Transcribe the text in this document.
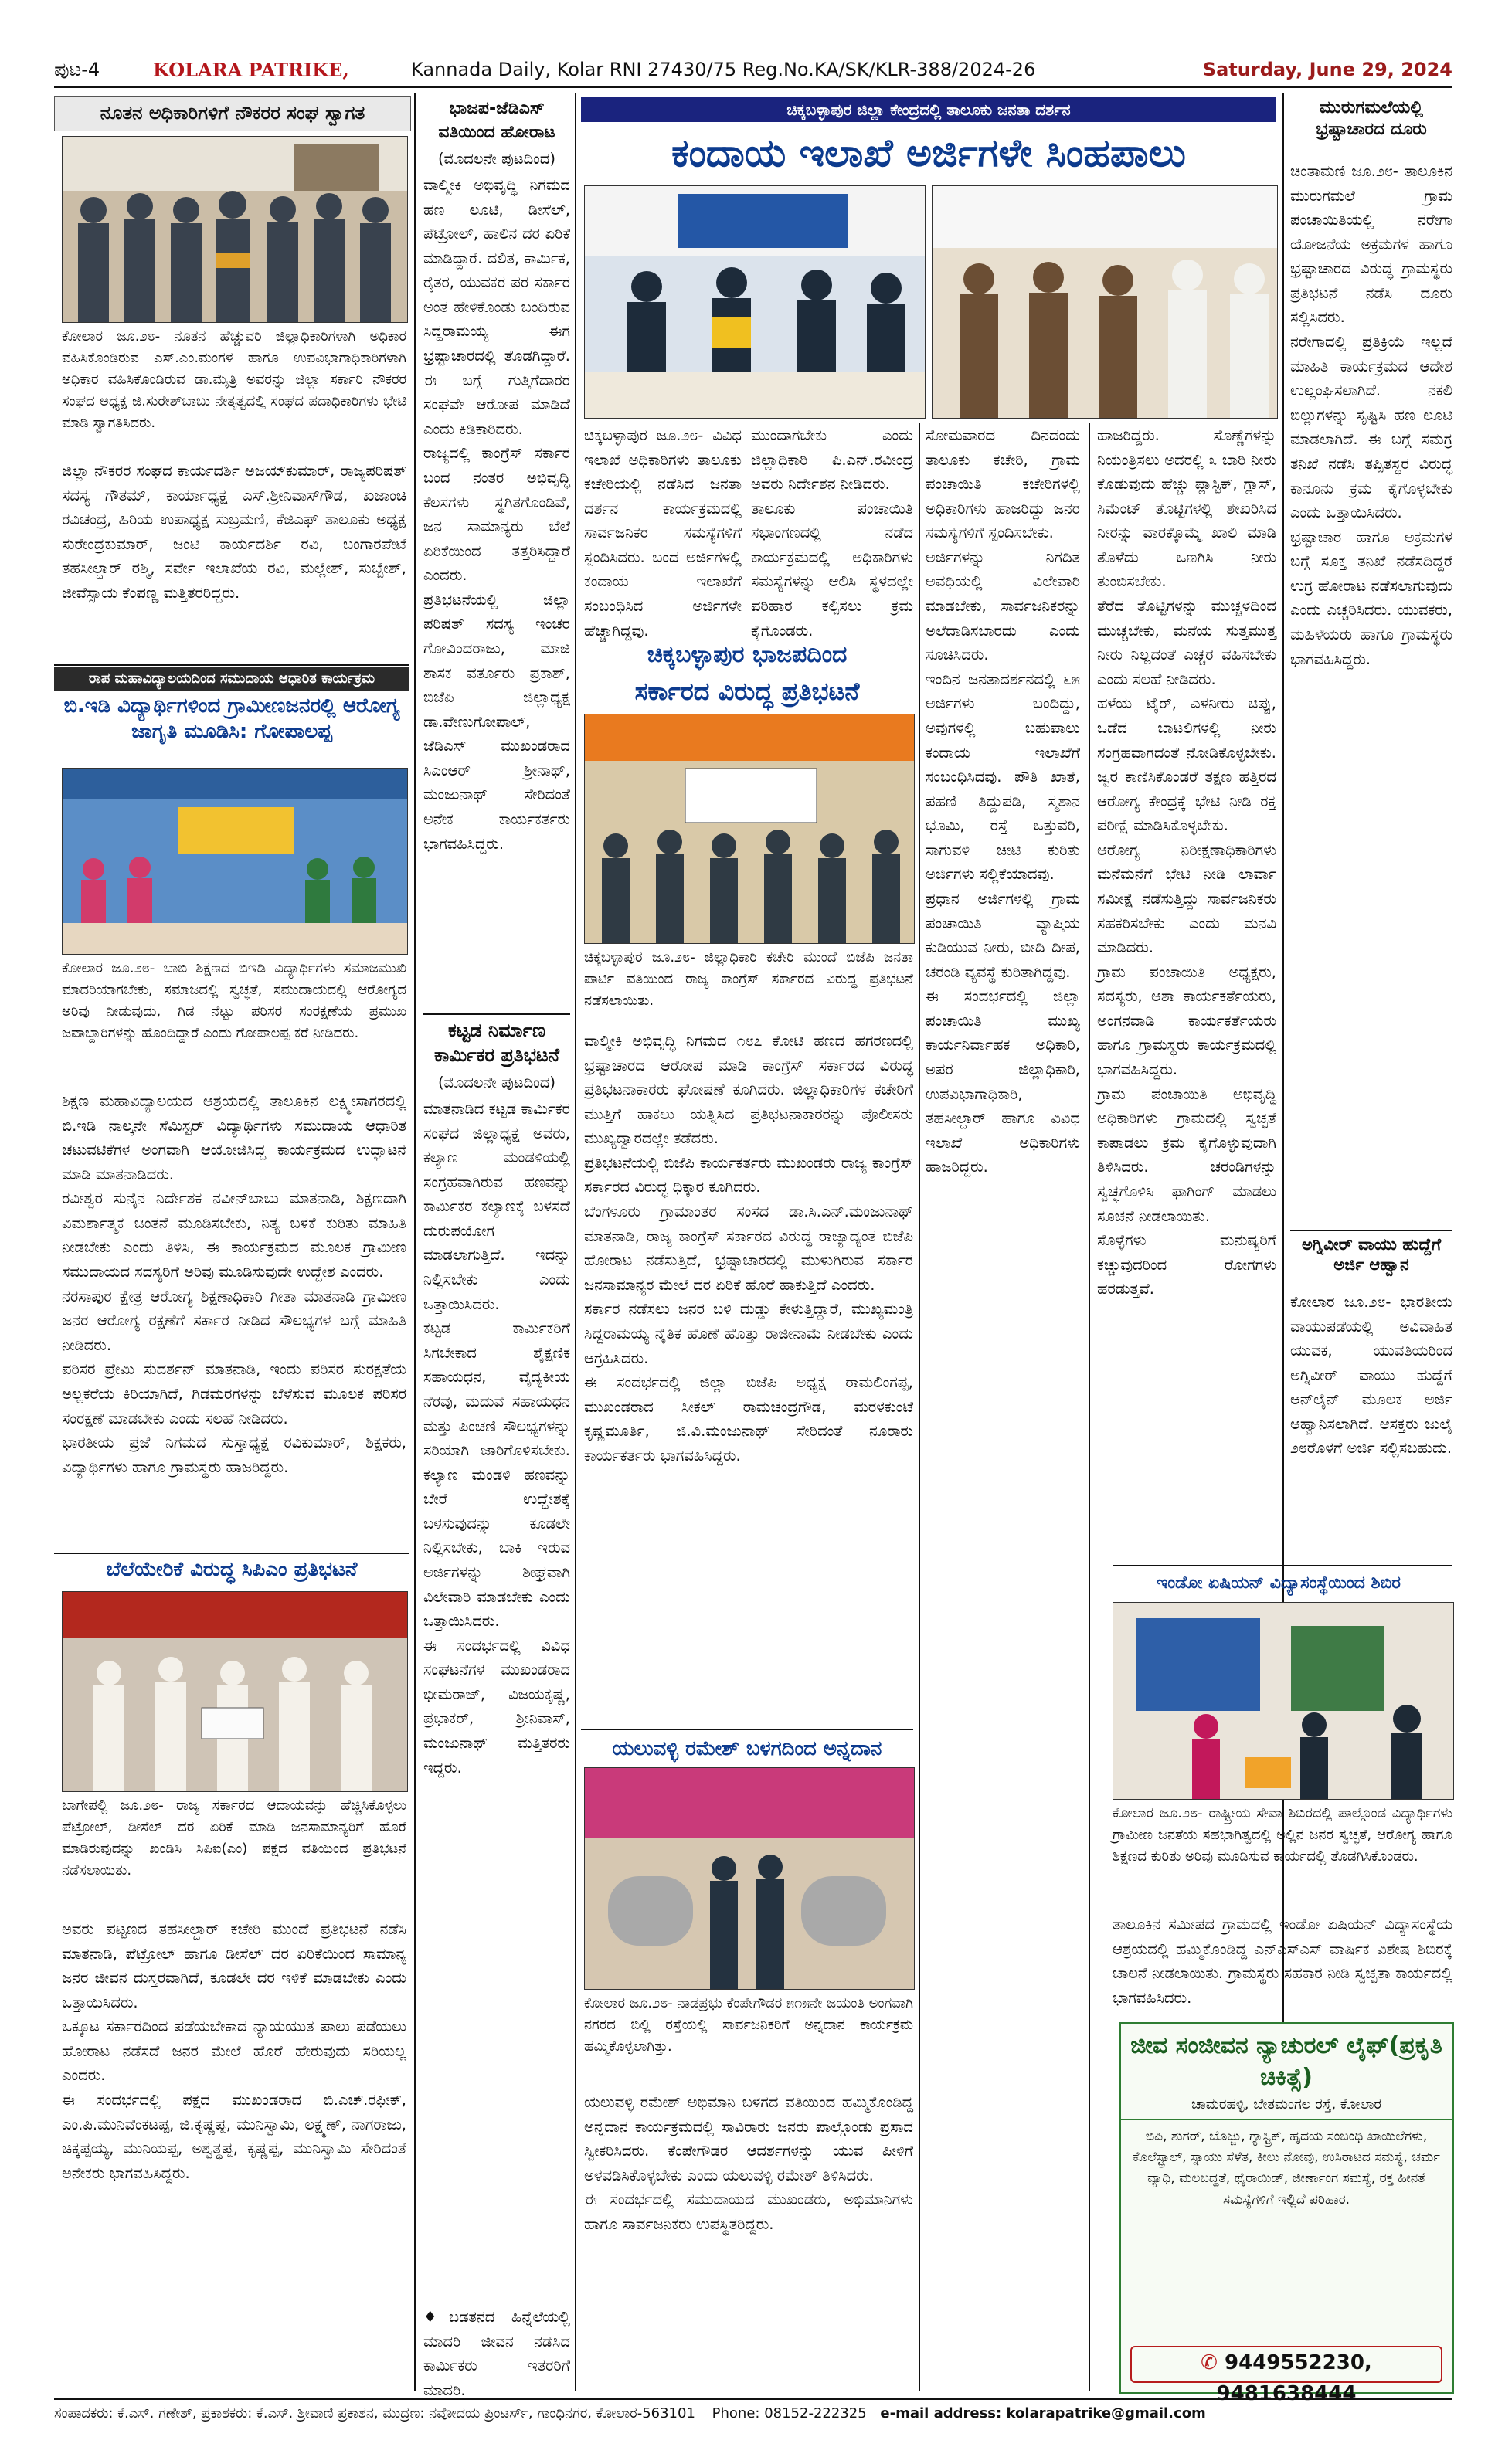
ಪುಟ-4	KOLARA PATRIKE,	Kannada Daily, Kolar RNI 27430/75 Reg.No.KA/SK/KLR-388/2024-26	Saturday, June 29, 2024
ನೂತನ ಅಧಿಕಾರಿಗಳಿಗೆ ನೌಕರರ ಸಂಘ ಸ್ವಾಗತ
ಕೋಲಾರ ಜೂ.೨೮- ನೂತನ ಹೆಚ್ಚುವರಿ ಜಿಲ್ಲಾಧಿಕಾರಿಗಳಾಗಿ ಅಧಿಕಾರ ವಹಿಸಿಕೊಂಡಿರುವ ಎಸ್.ಎಂ.ಮಂಗಳ ಹಾಗೂ ಉಪವಿಭಾಗಾಧಿಕಾರಿಗಳಾಗಿ ಅಧಿಕಾರ ವಹಿಸಿಕೊಂಡಿರುವ ಡಾ.ಮೈತ್ರಿ ಅವರನ್ನು ಜಿಲ್ಲಾ ಸರ್ಕಾರಿ ನೌಕರರ ಸಂಘದ ಅಧ್ಯಕ್ಷ ಜಿ.ಸುರೇಶ್‌ಬಾಬು ನೇತೃತ್ವದಲ್ಲಿ ಸಂಘದ ಪದಾಧಿಕಾರಿಗಳು ಭೇಟಿ ಮಾಡಿ ಸ್ವಾಗತಿಸಿದರು.
ಜಿಲ್ಲಾ ನೌಕರರ ಸಂಘದ ಕಾರ್ಯದರ್ಶಿ ಅಜಯ್‌ಕುಮಾರ್, ರಾಜ್ಯಪರಿಷತ್ ಸದಸ್ಯ ಗೌತಮ್, ಕಾರ್ಯಾಧ್ಯಕ್ಷ ಎಸ್.ಶ್ರೀನಿವಾಸ್‌ಗೌಡ, ಖಜಾಂಚಿ ರವಿಚಂದ್ರ, ಹಿರಿಯ ಉಪಾಧ್ಯಕ್ಷ ಸುಬ್ರಮಣಿ, ಕೆಜಿಎಫ್ ತಾಲೂಕು ಅಧ್ಯಕ್ಷ ಸುರೇಂದ್ರಕುಮಾರ್, ಜಂಟಿ ಕಾರ್ಯದರ್ಶಿ ರವಿ, ಬಂಗಾರಪೇಟೆ ತಹಸೀಲ್ದಾರ್ ರಶ್ಮಿ, ಸರ್ವೇ ಇಲಾಖೆಯ ರವಿ, ಮಲ್ಲೇಶ್, ಸುಬ್ಬೇಶ್, ಜೀವೆಸ್ಸಾಯ ಕೆಂಪಣ್ಣ ಮತ್ತಿತರರಿದ್ದರು.
ರಾಪ ಮಹಾವಿದ್ಯಾಲಯದಿಂದ ಸಮುದಾಯ ಆಧಾರಿತ ಕಾರ್ಯಕ್ರಮ
ಬಿ.ಇಡಿ ವಿದ್ಯಾರ್ಥಿಗಳಿಂದ ಗ್ರಾಮೀಣಜನರಲ್ಲಿ ಆರೋಗ್ಯ ಜಾಗೃತಿ ಮೂಡಿಸಿ: ಗೋಪಾಲಪ್ಪ
ಕೋಲಾರ ಜೂ.೨೮- ಬಾಬಿ ಶಿಕ್ಷಣದ ಬಿಇಡಿ ವಿದ್ಯಾರ್ಥಿಗಳು ಸಮಾಜಮುಖಿ ಮಾದರಿಯಾಗಬೇಕು, ಸಮಾಜದಲ್ಲಿ ಸ್ವಚ್ಛತೆ, ಸಮುದಾಯದಲ್ಲಿ ಆರೋಗ್ಯದ ಅರಿವು ನೀಡುವುದು, ಗಿಡ ನೆಟ್ಟು ಪರಿಸರ ಸಂರಕ್ಷಣೆಯ ಪ್ರಮುಖ ಜವಾಬ್ದಾರಿಗಳನ್ನು ಹೊಂದಿದ್ದಾರೆ ಎಂದು ಗೋಪಾಲಪ್ಪ ಕರೆ ನೀಡಿದರು.
ಶಿಕ್ಷಣ ಮಹಾವಿದ್ಯಾಲಯದ ಆಶ್ರಯದಲ್ಲಿ ತಾಲೂಕಿನ ಲಕ್ಷ್ಮೀಸಾಗರದಲ್ಲಿ ಬಿ.ಇಡಿ ನಾಲ್ಕನೇ ಸೆಮಿಸ್ಟರ್ ವಿದ್ಯಾರ್ಥಿಗಳು ಸಮುದಾಯ ಆಧಾರಿತ ಚಟುವಟಿಕೆಗಳ ಅಂಗವಾಗಿ ಆಯೋಜಿಸಿದ್ದ ಕಾರ್ಯಕ್ರಮದ ಉದ್ಘಾಟನೆ ಮಾಡಿ ಮಾತನಾಡಿದರು.
ರವೀಶ್ವರ ಸುನೈನ ನಿರ್ದೇಶಕ ನವೀನ್‌ಬಾಬು ಮಾತನಾಡಿ, ಶಿಕ್ಷಣದಾಗಿ ವಿಮರ್ಶಾತ್ಮಕ ಚಿಂತನೆ ಮೂಡಿಸಬೇಕು, ನಿತ್ಯ ಬಳಕೆ ಕುರಿತು ಮಾಹಿತಿ ನೀಡಬೇಕು ಎಂದು ತಿಳಿಸಿ, ಈ ಕಾರ್ಯಕ್ರಮದ ಮೂಲಕ ಗ್ರಾಮೀಣ ಸಮುದಾಯದ ಸದಸ್ಯರಿಗೆ ಅರಿವು ಮೂಡಿಸುವುದೇ ಉದ್ದೇಶ ಎಂದರು.
ನರಸಾಪುರ ಕ್ಷೇತ್ರ ಆರೋಗ್ಯ ಶಿಕ್ಷಣಾಧಿಕಾರಿ ಗೀತಾ ಮಾತನಾಡಿ ಗ್ರಾಮೀಣ ಜನರ ಆರೋಗ್ಯ ರಕ್ಷಣೆಗೆ ಸರ್ಕಾರ ನೀಡಿದ ಸೌಲಭ್ಯಗಳ ಬಗ್ಗೆ ಮಾಹಿತಿ ನೀಡಿದರು.
ಪರಿಸರ ಪ್ರೇಮಿ ಸುದರ್ಶನ್ ಮಾತನಾಡಿ, ಇಂದು ಪರಿಸರ ಸುರಕ್ಷತೆಯ ಅಲ್ಲಕರೆಯ ಕಿರಿಯಾಗಿದೆ, ಗಿಡಮರಗಳನ್ನು ಬೆಳೆಸುವ ಮೂಲಕ ಪರಿಸರ ಸಂರಕ್ಷಣೆ ಮಾಡಬೇಕು ಎಂದು ಸಲಹೆ ನೀಡಿದರು.
ಭಾರತೀಯ ಪ್ರಜೆ ನಿಗಮದ ಸುಸ್ತಾಧ್ಯಕ್ಷ ರವಿಕುಮಾರ್, ಶಿಕ್ಷಕರು, ವಿದ್ಯಾರ್ಥಿಗಳು ಹಾಗೂ ಗ್ರಾಮಸ್ಥರು ಹಾಜರಿದ್ದರು.
ಬೆಲೆಯೇರಿಕೆ ವಿರುದ್ಧ ಸಿಪಿಎಂ ಪ್ರತಿಭಟನೆ
ಬಾಗೇಪಲ್ಲಿ ಜೂ.೨೮- ರಾಜ್ಯ ಸರ್ಕಾರದ ಆದಾಯವನ್ನು ಹೆಚ್ಚಿಸಿಕೊಳ್ಳಲು ಪೆಟ್ರೋಲ್, ಡೀಸೆಲ್ ದರ ಏರಿಕೆ ಮಾಡಿ ಜನಸಾಮಾನ್ಯರಿಗೆ ಹೊರೆ ಮಾಡಿರುವುದನ್ನು ಖಂಡಿಸಿ ಸಿಪಿಐ(ಎಂ) ಪಕ್ಷದ ವತಿಯಿಂದ ಪ್ರತಿಭಟನೆ ನಡೆಸಲಾಯಿತು.
ಅವರು ಪಟ್ಟಣದ ತಹಸೀಲ್ದಾರ್ ಕಚೇರಿ ಮುಂದೆ ಪ್ರತಿಭಟನೆ ನಡೆಸಿ ಮಾತನಾಡಿ, ಪೆಟ್ರೋಲ್ ಹಾಗೂ ಡೀಸೆಲ್ ದರ ಏರಿಕೆಯಿಂದ ಸಾಮಾನ್ಯ ಜನರ ಜೀವನ ದುಸ್ತರವಾಗಿದೆ, ಕೂಡಲೇ ದರ ಇಳಿಕೆ ಮಾಡಬೇಕು ಎಂದು ಒತ್ತಾಯಿಸಿದರು.
ಒಕ್ಕೂಟ ಸರ್ಕಾರದಿಂದ ಪಡೆಯಬೇಕಾದ ನ್ಯಾಯಯುತ ಪಾಲು ಪಡೆಯಲು ಹೋರಾಟ ನಡೆಸದೆ ಜನರ ಮೇಲೆ ಹೊರೆ ಹೇರುವುದು ಸರಿಯಲ್ಲ ಎಂದರು.
ಈ ಸಂದರ್ಭದಲ್ಲಿ ಪಕ್ಷದ ಮುಖಂಡರಾದ ಬಿ.ಎಚ್.ರಫೀಕ್, ಎಂ.ಪಿ.ಮುನಿವೆಂಕಟಪ್ಪ, ಜಿ.ಕೃಷ್ಣಪ್ಪ, ಮುನಿಸ್ವಾಮಿ, ಲಕ್ಷ್ಮಣ್, ನಾಗರಾಜು, ಚಿಕ್ಕಪ್ಪಯ್ಯ, ಮುನಿಯಪ್ಪ, ಅಶ್ವತ್ಥಪ್ಪ, ಕೃಷ್ಣಪ್ಪ, ಮುನಿಸ್ವಾಮಿ ಸೇರಿದಂತೆ ಅನೇಕರು ಭಾಗವಹಿಸಿದ್ದರು.
ಭಾಜಪ-ಜೆಡಿಎಸ್ ವತಿಯಿಂದ ಹೋರಾಟ
(ಮೊದಲನೇ ಪುಟದಿಂದ)
ವಾಲ್ಮೀಕಿ ಅಭಿವೃದ್ಧಿ ನಿಗಮದ ಹಣ ಲೂಟಿ, ಡೀಸೆಲ್, ಪೆಟ್ರೋಲ್, ಹಾಲಿನ ದರ ಏರಿಕೆ ಮಾಡಿದ್ದಾರೆ. ದಲಿತ, ಕಾರ್ಮಿಕ, ರೈತರ, ಯುವಕರ ಪರ ಸರ್ಕಾರ ಅಂತ ಹೇಳಿಕೊಂಡು ಬಂದಿರುವ ಸಿದ್ದರಾಮಯ್ಯ ಈಗ ಭ್ರಷ್ಟಾಚಾರದಲ್ಲಿ ತೊಡಗಿದ್ದಾರೆ. ಈ ಬಗ್ಗೆ ಗುತ್ತಿಗೆದಾರರ ಸಂಘವೇ ಆರೋಪ ಮಾಡಿದೆ ಎಂದು ಕಿಡಿಕಾರಿದರು.
ರಾಜ್ಯದಲ್ಲಿ ಕಾಂಗ್ರೆಸ್ ಸರ್ಕಾರ ಬಂದ ನಂತರ ಅಭಿವೃದ್ಧಿ ಕೆಲಸಗಳು ಸ್ಥಗಿತಗೊಂಡಿವೆ, ಜನ ಸಾಮಾನ್ಯರು ಬೆಲೆ ಏರಿಕೆಯಿಂದ ತತ್ತರಿಸಿದ್ದಾರೆ ಎಂದರು.
ಪ್ರತಿಭಟನೆಯಲ್ಲಿ ಜಿಲ್ಲಾ ಪರಿಷತ್ ಸದಸ್ಯ ಇಂಚರ ಗೋವಿಂದರಾಜು, ಮಾಜಿ ಶಾಸಕ ವರ್ತೂರು ಪ್ರಕಾಶ್, ಬಿಜೆಪಿ ಜಿಲ್ಲಾಧ್ಯಕ್ಷ ಡಾ.ವೇಣುಗೋಪಾಲ್, ಜೆಡಿಎಸ್ ಮುಖಂಡರಾದ ಸಿಎಂಆರ್ ಶ್ರೀನಾಥ್, ಮಂಜುನಾಥ್ ಸೇರಿದಂತೆ ಅನೇಕ ಕಾರ್ಯಕರ್ತರು ಭಾಗವಹಿಸಿದ್ದರು.
ಕಟ್ಟಡ ನಿರ್ಮಾಣ ಕಾರ್ಮಿಕರ ಪ್ರತಿಭಟನೆ
(ಮೊದಲನೇ ಪುಟದಿಂದ)
ಮಾತನಾಡಿದ ಕಟ್ಟಡ ಕಾರ್ಮಿಕರ ಸಂಘದ ಜಿಲ್ಲಾಧ್ಯಕ್ಷ ಅವರು, ಕಲ್ಯಾಣ ಮಂಡಳಿಯಲ್ಲಿ ಸಂಗ್ರಹವಾಗಿರುವ ಹಣವನ್ನು ಕಾರ್ಮಿಕರ ಕಲ್ಯಾಣಕ್ಕೆ ಬಳಸದೆ ದುರುಪಯೋಗ ಮಾಡಲಾಗುತ್ತಿದೆ. ಇದನ್ನು ನಿಲ್ಲಿಸಬೇಕು ಎಂದು ಒತ್ತಾಯಿಸಿದರು.
ಕಟ್ಟಡ ಕಾರ್ಮಿಕರಿಗೆ ಸಿಗಬೇಕಾದ ಶೈಕ್ಷಣಿಕ ಸಹಾಯಧನ, ವೈದ್ಯಕೀಯ ನೆರವು, ಮದುವೆ ಸಹಾಯಧನ ಮತ್ತು ಪಿಂಚಣಿ ಸೌಲಭ್ಯಗಳನ್ನು ಸರಿಯಾಗಿ ಜಾರಿಗೊಳಿಸಬೇಕು. ಕಲ್ಯಾಣ ಮಂಡಳಿ ಹಣವನ್ನು ಬೇರೆ ಉದ್ದೇಶಕ್ಕೆ ಬಳಸುವುದನ್ನು ಕೂಡಲೇ ನಿಲ್ಲಿಸಬೇಕು, ಬಾಕಿ ಇರುವ ಅರ್ಜಿಗಳನ್ನು ಶೀಘ್ರವಾಗಿ ವಿಲೇವಾರಿ ಮಾಡಬೇಕು ಎಂದು ಒತ್ತಾಯಿಸಿದರು.
ಈ ಸಂದರ್ಭದಲ್ಲಿ ವಿವಿಧ ಸಂಘಟನೆಗಳ ಮುಖಂಡರಾದ ಭೀಮರಾಜ್, ವಿಜಯಕೃಷ್ಣ, ಪ್ರಭಾಕರ್, ಶ್ರೀನಿವಾಸ್, ಮಂಜುನಾಥ್ ಮತ್ತಿತರರು ಇದ್ದರು.
♦ಬಡತನದ ಹಿನ್ನೆಲೆಯಲ್ಲಿ ಮಾದರಿ ಜೀವನ ನಡೆಸಿದ ಕಾರ್ಮಿಕರು ಇತರರಿಗೆ ಮಾದರಿ.
ಚಿಕ್ಕಬಳ್ಳಾಪುರ ಜಿಲ್ಲಾ ಕೇಂದ್ರದಲ್ಲಿ ತಾಲೂಕು ಜನತಾ ದರ್ಶನ
ಕಂದಾಯ ಇಲಾಖೆ ಅರ್ಜಿಗಳೇ ಸಿಂಹಪಾಲು
ಚಿಕ್ಕಬಳ್ಳಾಪುರ ಜೂ.೨೮- ವಿವಿಧ ಇಲಾಖೆ ಅಧಿಕಾರಿಗಳು ತಾಲೂಕು ಕಚೇರಿಯಲ್ಲಿ ನಡೆಸಿದ ಜನತಾ ದರ್ಶನ ಕಾರ್ಯಕ್ರಮದಲ್ಲಿ ಸಾರ್ವಜನಿಕರ ಸಮಸ್ಯೆಗಳಿಗೆ ಸ್ಪಂದಿಸಿದರು. ಬಂದ ಅರ್ಜಿಗಳಲ್ಲಿ ಕಂದಾಯ ಇಲಾಖೆಗೆ ಸಂಬಂಧಿಸಿದ ಅರ್ಜಿಗಳೇ ಹೆಚ್ಚಾಗಿದ್ದವು.
ಮುಂದಾಗಬೇಕು ಎಂದು ಜಿಲ್ಲಾಧಿಕಾರಿ ಪಿ.ಎನ್.ರವೀಂದ್ರ ಅವರು ನಿರ್ದೇಶನ ನೀಡಿದರು.
ತಾಲೂಕು ಪಂಚಾಯಿತಿ ಸಭಾಂಗಣದಲ್ಲಿ ನಡೆದ ಕಾರ್ಯಕ್ರಮದಲ್ಲಿ ಅಧಿಕಾರಿಗಳು ಸಮಸ್ಯೆಗಳನ್ನು ಆಲಿಸಿ ಸ್ಥಳದಲ್ಲೇ ಪರಿಹಾರ ಕಲ್ಪಿಸಲು ಕ್ರಮ ಕೈಗೊಂಡರು.
ಚಿಕ್ಕಬಳ್ಳಾಪುರ ಭಾಜಪದಿಂದ
ಸರ್ಕಾರದ ವಿರುದ್ಧ ಪ್ರತಿಭಟನೆ
ಚಿಕ್ಕಬಳ್ಳಾಪುರ ಜೂ.೨೮- ಜಿಲ್ಲಾಧಿಕಾರಿ ಕಚೇರಿ ಮುಂದೆ ಬಿಜೆಪಿ ಜನತಾ ಪಾರ್ಟಿ ವತಿಯಿಂದ ರಾಜ್ಯ ಕಾಂಗ್ರೆಸ್ ಸರ್ಕಾರದ ವಿರುದ್ಧ ಪ್ರತಿಭಟನೆ ನಡೆಸಲಾಯಿತು.
ವಾಲ್ಮೀಕಿ ಅಭಿವೃದ್ಧಿ ನಿಗಮದ ೧೮೭ ಕೋಟಿ ಹಣದ ಹಗರಣದಲ್ಲಿ ಭ್ರಷ್ಟಾಚಾರದ ಆರೋಪ ಮಾಡಿ ಕಾಂಗ್ರೆಸ್ ಸರ್ಕಾರದ ವಿರುದ್ಧ ಪ್ರತಿಭಟನಾಕಾರರು ಘೋಷಣೆ ಕೂಗಿದರು. ಜಿಲ್ಲಾಧಿಕಾರಿಗಳ ಕಚೇರಿಗೆ ಮುತ್ತಿಗೆ ಹಾಕಲು ಯತ್ನಿಸಿದ ಪ್ರತಿಭಟನಾಕಾರರನ್ನು ಪೊಲೀಸರು ಮುಖ್ಯದ್ವಾರದಲ್ಲೇ ತಡೆದರು.
ಪ್ರತಿಭಟನೆಯಲ್ಲಿ ಬಿಜೆಪಿ ಕಾರ್ಯಕರ್ತರು ಮುಖಂಡರು ರಾಜ್ಯ ಕಾಂಗ್ರೆಸ್ ಸರ್ಕಾರದ ವಿರುದ್ಧ ಧಿಕ್ಕಾರ ಕೂಗಿದರು.
ಬೆಂಗಳೂರು ಗ್ರಾಮಾಂತರ ಸಂಸದ ಡಾ.ಸಿ.ಎನ್.ಮಂಜುನಾಥ್ ಮಾತನಾಡಿ, ರಾಜ್ಯ ಕಾಂಗ್ರೆಸ್ ಸರ್ಕಾರದ ವಿರುದ್ಧ ರಾಜ್ಯಾದ್ಯಂತ ಬಿಜೆಪಿ ಹೋರಾಟ ನಡೆಸುತ್ತಿದೆ, ಭ್ರಷ್ಟಾಚಾರದಲ್ಲಿ ಮುಳುಗಿರುವ ಸರ್ಕಾರ ಜನಸಾಮಾನ್ಯರ ಮೇಲೆ ದರ ಏರಿಕೆ ಹೊರೆ ಹಾಕುತ್ತಿದೆ ಎಂದರು.
ಸರ್ಕಾರ ನಡೆಸಲು ಜನರ ಬಳಿ ದುಡ್ಡು ಕೇಳುತ್ತಿದ್ದಾರೆ, ಮುಖ್ಯಮಂತ್ರಿ ಸಿದ್ದರಾಮಯ್ಯ ನೈತಿಕ ಹೊಣೆ ಹೊತ್ತು ರಾಜೀನಾಮೆ ನೀಡಬೇಕು ಎಂದು ಆಗ್ರಹಿಸಿದರು.
ಈ ಸಂದರ್ಭದಲ್ಲಿ ಜಿಲ್ಲಾ ಬಿಜೆಪಿ ಅಧ್ಯಕ್ಷ ರಾಮಲಿಂಗಪ್ಪ, ಮುಖಂಡರಾದ ಸೀಕಲ್ ರಾಮಚಂದ್ರಗೌಡ, ಮರಳಕುಂಟೆ ಕೃಷ್ಣಮೂರ್ತಿ, ಜಿ.ವಿ.ಮಂಜುನಾಥ್ ಸೇರಿದಂತೆ ನೂರಾರು ಕಾರ್ಯಕರ್ತರು ಭಾಗವಹಿಸಿದ್ದರು.
ಯಲುವಳ್ಳಿ ರಮೇಶ್ ಬಳಗದಿಂದ ಅನ್ನದಾನ
ಕೋಲಾರ ಜೂ.೨೮- ನಾಡಪ್ರಭು ಕೆಂಪೇಗೌಡರ ೫೧೫ನೇ ಜಯಂತಿ ಅಂಗವಾಗಿ ನಗರದ ಬಿಲ್ಲಿ ರಸ್ತೆಯಲ್ಲಿ ಸಾರ್ವಜನಿಕರಿಗೆ ಅನ್ನದಾನ ಕಾರ್ಯಕ್ರಮ ಹಮ್ಮಿಕೊಳ್ಳಲಾಗಿತ್ತು.
ಯಲುವಳ್ಳಿ ರಮೇಶ್ ಅಭಿಮಾನಿ ಬಳಗದ ವತಿಯಿಂದ ಹಮ್ಮಿಕೊಂಡಿದ್ದ ಅನ್ನದಾನ ಕಾರ್ಯಕ್ರಮದಲ್ಲಿ ಸಾವಿರಾರು ಜನರು ಪಾಲ್ಗೊಂಡು ಪ್ರಸಾದ ಸ್ವೀಕರಿಸಿದರು. ಕೆಂಪೇಗೌಡರ ಆದರ್ಶಗಳನ್ನು ಯುವ ಪೀಳಿಗೆ ಅಳವಡಿಸಿಕೊಳ್ಳಬೇಕು ಎಂದು ಯಲುವಳ್ಳಿ ರಮೇಶ್ ತಿಳಿಸಿದರು.
ಈ ಸಂದರ್ಭದಲ್ಲಿ ಸಮುದಾಯದ ಮುಖಂಡರು, ಅಭಿಮಾನಿಗಳು ಹಾಗೂ ಸಾರ್ವಜನಿಕರು ಉಪಸ್ಥಿತರಿದ್ದರು.
ಸೋಮವಾರದ ದಿನದಂದು ತಾಲೂಕು ಕಚೇರಿ, ಗ್ರಾಮ ಪಂಚಾಯಿತಿ ಕಚೇರಿಗಳಲ್ಲಿ ಅಧಿಕಾರಿಗಳು ಹಾಜರಿದ್ದು ಜನರ ಸಮಸ್ಯೆಗಳಿಗೆ ಸ್ಪಂದಿಸಬೇಕು.
ಅರ್ಜಿಗಳನ್ನು ನಿಗದಿತ ಅವಧಿಯಲ್ಲಿ ವಿಲೇವಾರಿ ಮಾಡಬೇಕು, ಸಾರ್ವಜನಿಕರನ್ನು ಅಲೆದಾಡಿಸಬಾರದು ಎಂದು ಸೂಚಿಸಿದರು.
ಇಂದಿನ ಜನತಾದರ್ಶನದಲ್ಲಿ ೬೫ ಅರ್ಜಿಗಳು ಬಂದಿದ್ದು, ಅವುಗಳಲ್ಲಿ ಬಹುಪಾಲು ಕಂದಾಯ ಇಲಾಖೆಗೆ ಸಂಬಂಧಿಸಿದವು. ಪೌತಿ ಖಾತೆ, ಪಹಣಿ ತಿದ್ದುಪಡಿ, ಸ್ಮಶಾನ ಭೂಮಿ, ರಸ್ತೆ ಒತ್ತುವರಿ, ಸಾಗುವಳಿ ಚೀಟಿ ಕುರಿತು ಅರ್ಜಿಗಳು ಸಲ್ಲಿಕೆಯಾದವು.
ಪ್ರಧಾನ ಅರ್ಜಿಗಳಲ್ಲಿ ಗ್ರಾಮ ಪಂಚಾಯಿತಿ ವ್ಯಾಪ್ತಿಯ ಕುಡಿಯುವ ನೀರು, ಬೀದಿ ದೀಪ, ಚರಂಡಿ ವ್ಯವಸ್ಥೆ ಕುರಿತಾಗಿದ್ದವು.
ಈ ಸಂದರ್ಭದಲ್ಲಿ ಜಿಲ್ಲಾ ಪಂಚಾಯಿತಿ ಮುಖ್ಯ ಕಾರ್ಯನಿರ್ವಾಹಕ ಅಧಿಕಾರಿ, ಅಪರ ಜಿಲ್ಲಾಧಿಕಾರಿ, ಉಪವಿಭಾಗಾಧಿಕಾರಿ, ತಹಸೀಲ್ದಾರ್ ಹಾಗೂ ವಿವಿಧ ಇಲಾಖೆ ಅಧಿಕಾರಿಗಳು ಹಾಜರಿದ್ದರು.
ಹಾಜರಿದ್ದರು. ಸೊಣ್ಣೆಗಳನ್ನು ನಿಯಂತ್ರಿಸಲು ಅದರಲ್ಲಿ ೩ ಬಾರಿ ನೀರು ಕೊಡುವುದು ಹೆಚ್ಚು ಪ್ಲಾಸ್ಟಿಕ್, ಗ್ಲಾಸ್, ಸಿಮೆಂಟ್ ತೊಟ್ಟಿಗಳಲ್ಲಿ ಶೇಖರಿಸಿದ ನೀರನ್ನು ವಾರಕ್ಕೊಮ್ಮೆ ಖಾಲಿ ಮಾಡಿ ತೊಳೆದು ಒಣಗಿಸಿ ನೀರು ತುಂಬಿಸಬೇಕು.
ತೆರೆದ ತೊಟ್ಟಿಗಳನ್ನು ಮುಚ್ಚಳದಿಂದ ಮುಚ್ಚಬೇಕು, ಮನೆಯ ಸುತ್ತಮುತ್ತ ನೀರು ನಿಲ್ಲದಂತೆ ಎಚ್ಚರ ವಹಿಸಬೇಕು ಎಂದು ಸಲಹೆ ನೀಡಿದರು.
ಹಳೆಯ ಟೈರ್, ಎಳನೀರು ಚಿಪ್ಪು, ಒಡೆದ ಬಾಟಲಿಗಳಲ್ಲಿ ನೀರು ಸಂಗ್ರಹವಾಗದಂತೆ ನೋಡಿಕೊಳ್ಳಬೇಕು. ಜ್ವರ ಕಾಣಿಸಿಕೊಂಡರೆ ತಕ್ಷಣ ಹತ್ತಿರದ ಆರೋಗ್ಯ ಕೇಂದ್ರಕ್ಕೆ ಭೇಟಿ ನೀಡಿ ರಕ್ತ ಪರೀಕ್ಷೆ ಮಾಡಿಸಿಕೊಳ್ಳಬೇಕು.
ಆರೋಗ್ಯ ನಿರೀಕ್ಷಣಾಧಿಕಾರಿಗಳು ಮನೆಮನೆಗೆ ಭೇಟಿ ನೀಡಿ ಲಾರ್ವಾ ಸಮೀಕ್ಷೆ ನಡೆಸುತ್ತಿದ್ದು ಸಾರ್ವಜನಿಕರು ಸಹಕರಿಸಬೇಕು ಎಂದು ಮನವಿ ಮಾಡಿದರು.
ಗ್ರಾಮ ಪಂಚಾಯಿತಿ ಅಧ್ಯಕ್ಷರು, ಸದಸ್ಯರು, ಆಶಾ ಕಾರ್ಯಕರ್ತೆಯರು, ಅಂಗನವಾಡಿ ಕಾರ್ಯಕರ್ತೆಯರು ಹಾಗೂ ಗ್ರಾಮಸ್ಥರು ಕಾರ್ಯಕ್ರಮದಲ್ಲಿ ಭಾಗವಹಿಸಿದ್ದರು.
ಗ್ರಾಮ ಪಂಚಾಯಿತಿ ಅಭಿವೃದ್ಧಿ ಅಧಿಕಾರಿಗಳು ಗ್ರಾಮದಲ್ಲಿ ಸ್ವಚ್ಛತೆ ಕಾಪಾಡಲು ಕ್ರಮ ಕೈಗೊಳ್ಳುವುದಾಗಿ ತಿಳಿಸಿದರು. ಚರಂಡಿಗಳನ್ನು ಸ್ವಚ್ಛಗೊಳಿಸಿ ಫಾಗಿಂಗ್ ಮಾಡಲು ಸೂಚನೆ ನೀಡಲಾಯಿತು.
ಸೊಳ್ಳೆಗಳು ಮನುಷ್ಯರಿಗೆ ಕಚ್ಚುವುದರಿಂದ ರೋಗಗಳು ಹರಡುತ್ತವೆ.
ಮುರುಗಮಲೆಯಲ್ಲಿ ಭ್ರಷ್ಟಾಚಾರದ ದೂರು
ಚಿಂತಾಮಣಿ ಜೂ.೨೮- ತಾಲೂಕಿನ ಮುರುಗಮಲೆ ಗ್ರಾಮ ಪಂಚಾಯಿತಿಯಲ್ಲಿ ನರೇಗಾ ಯೋಜನೆಯ ಅಕ್ರಮಗಳ ಹಾಗೂ ಭ್ರಷ್ಟಾಚಾರದ ವಿರುದ್ಧ ಗ್ರಾಮಸ್ಥರು ಪ್ರತಿಭಟನೆ ನಡೆಸಿ ದೂರು ಸಲ್ಲಿಸಿದರು.
ನರೇಗಾದಲ್ಲಿ ಪ್ರತಿಕ್ರಿಯೆ ಇಲ್ಲದೆ ಮಾಹಿತಿ ಕಾರ್ಯಕ್ರಮದ ಆದೇಶ ಉಲ್ಲಂಘಿಸಲಾಗಿದೆ. ನಕಲಿ ಬಿಲ್ಲುಗಳನ್ನು ಸೃಷ್ಟಿಸಿ ಹಣ ಲೂಟಿ ಮಾಡಲಾಗಿದೆ. ಈ ಬಗ್ಗೆ ಸಮಗ್ರ ತನಿಖೆ ನಡೆಸಿ ತಪ್ಪಿತಸ್ಥರ ವಿರುದ್ಧ ಕಾನೂನು ಕ್ರಮ ಕೈಗೊಳ್ಳಬೇಕು ಎಂದು ಒತ್ತಾಯಿಸಿದರು.
ಭ್ರಷ್ಟಾಚಾರ ಹಾಗೂ ಅಕ್ರಮಗಳ ಬಗ್ಗೆ ಸೂಕ್ತ ತನಿಖೆ ನಡೆಸದಿದ್ದರೆ ಉಗ್ರ ಹೋರಾಟ ನಡೆಸಲಾಗುವುದು ಎಂದು ಎಚ್ಚರಿಸಿದರು. ಯುವಕರು, ಮಹಿಳೆಯರು ಹಾಗೂ ಗ್ರಾಮಸ್ಥರು ಭಾಗವಹಿಸಿದ್ದರು.
ಅಗ್ನಿವೀರ್ ವಾಯು ಹುದ್ದೆಗೆ ಅರ್ಜಿ ಆಹ್ವಾನ
ಕೋಲಾರ ಜೂ.೨೮- ಭಾರತೀಯ ವಾಯುಪಡೆಯಲ್ಲಿ ಅವಿವಾಹಿತ ಯುವಕ, ಯುವತಿಯರಿಂದ ಅಗ್ನಿವೀರ್ ವಾಯು ಹುದ್ದೆಗೆ ಆನ್‌ಲೈನ್ ಮೂಲಕ ಅರ್ಜಿ ಆಹ್ವಾನಿಸಲಾಗಿದೆ. ಆಸಕ್ತರು ಜುಲೈ ೨೮ರೊಳಗೆ ಅರ್ಜಿ ಸಲ್ಲಿಸಬಹುದು.
ಇಂಡೋ ಏಷಿಯನ್ ವಿದ್ಯಾಸಂಸ್ಥೆಯಿಂದ ಶಿಬಿರ
ಕೋಲಾರ ಜೂ.೨೮- ರಾಷ್ಟ್ರೀಯ ಸೇವಾ ಶಿಬಿರದಲ್ಲಿ ಪಾಲ್ಗೊಂಡ ವಿದ್ಯಾರ್ಥಿಗಳು ಗ್ರಾಮೀಣ ಜನತೆಯ ಸಹಭಾಗಿತ್ವದಲ್ಲಿ ಅಲ್ಲಿನ ಜನರ ಸ್ವಚ್ಛತೆ, ಆರೋಗ್ಯ ಹಾಗೂ ಶಿಕ್ಷಣದ ಕುರಿತು ಅರಿವು ಮೂಡಿಸುವ ಕಾರ್ಯದಲ್ಲಿ ತೊಡಗಿಸಿಕೊಂಡರು.
ತಾಲೂಕಿನ ಸಮೀಪದ ಗ್ರಾಮದಲ್ಲಿ ಇಂಡೋ ಏಷಿಯನ್ ವಿದ್ಯಾಸಂಸ್ಥೆಯ ಆಶ್ರಯದಲ್ಲಿ ಹಮ್ಮಿಕೊಂಡಿದ್ದ ಎನ್‌ಎಸ್‌ಎಸ್ ವಾರ್ಷಿಕ ವಿಶೇಷ ಶಿಬಿರಕ್ಕೆ ಚಾಲನೆ ನೀಡಲಾಯಿತು. ಗ್ರಾಮಸ್ಥರು ಸಹಕಾರ ನೀಡಿ ಸ್ವಚ್ಛತಾ ಕಾರ್ಯದಲ್ಲಿ ಭಾಗವಹಿಸಿದರು.
ಜೀವ ಸಂಜೀವನ ನ್ಯಾಚುರಲ್ ಲೈಫ್(ಪ್ರಕೃತಿ ಚಿಕಿತ್ಸೆ)
ಚಾಮರಹಳ್ಳಿ, ಬೇತಮಂಗಲ ರಸ್ತೆ, ಕೋಲಾರ
ಬಿಪಿ, ಶುಗರ್, ಬೊಜ್ಜು, ಗ್ಯಾಸ್ಟ್ರಿಕ್, ಹೃದಯ ಸಂಬಂಧಿ ಖಾಯಿಲೆಗಳು, ಕೊಲೆಸ್ಟ್ರಾಲ್, ಸ್ನಾಯು ಸೆಳೆತ, ಕೀಲು ನೋವು, ಉಸಿರಾಟದ ಸಮಸ್ಯೆ, ಚರ್ಮ ವ್ಯಾಧಿ, ಮಲಬದ್ಧತೆ, ಥೈರಾಯಿಡ್, ಜೀರ್ಣಾಂಗ ಸಮಸ್ಯೆ, ರಕ್ತ ಹೀನತೆ ಸಮಸ್ಯೆಗಳಿಗೆ ಇಲ್ಲಿದೆ ಪರಿಹಾರ.
✆ 9449552230, 9481638444
ಸಂಪಾದಕರು: ಕೆ.ಎಸ್. ಗಣೇಶ್, ಪ್ರಕಾಶಕರು: ಕೆ.ಎಸ್. ಶ್ರೀವಾಣಿ ಪ್ರಕಾಶನ, ಮುದ್ರಣ: ನವೋದಯ ಪ್ರಿಂಟರ್ಸ್, ಗಾಂಧಿನಗರ, ಕೋಲಾರ-563101 Phone: 08152-222325 e-mail address: kolarapatrike@gmail.com
